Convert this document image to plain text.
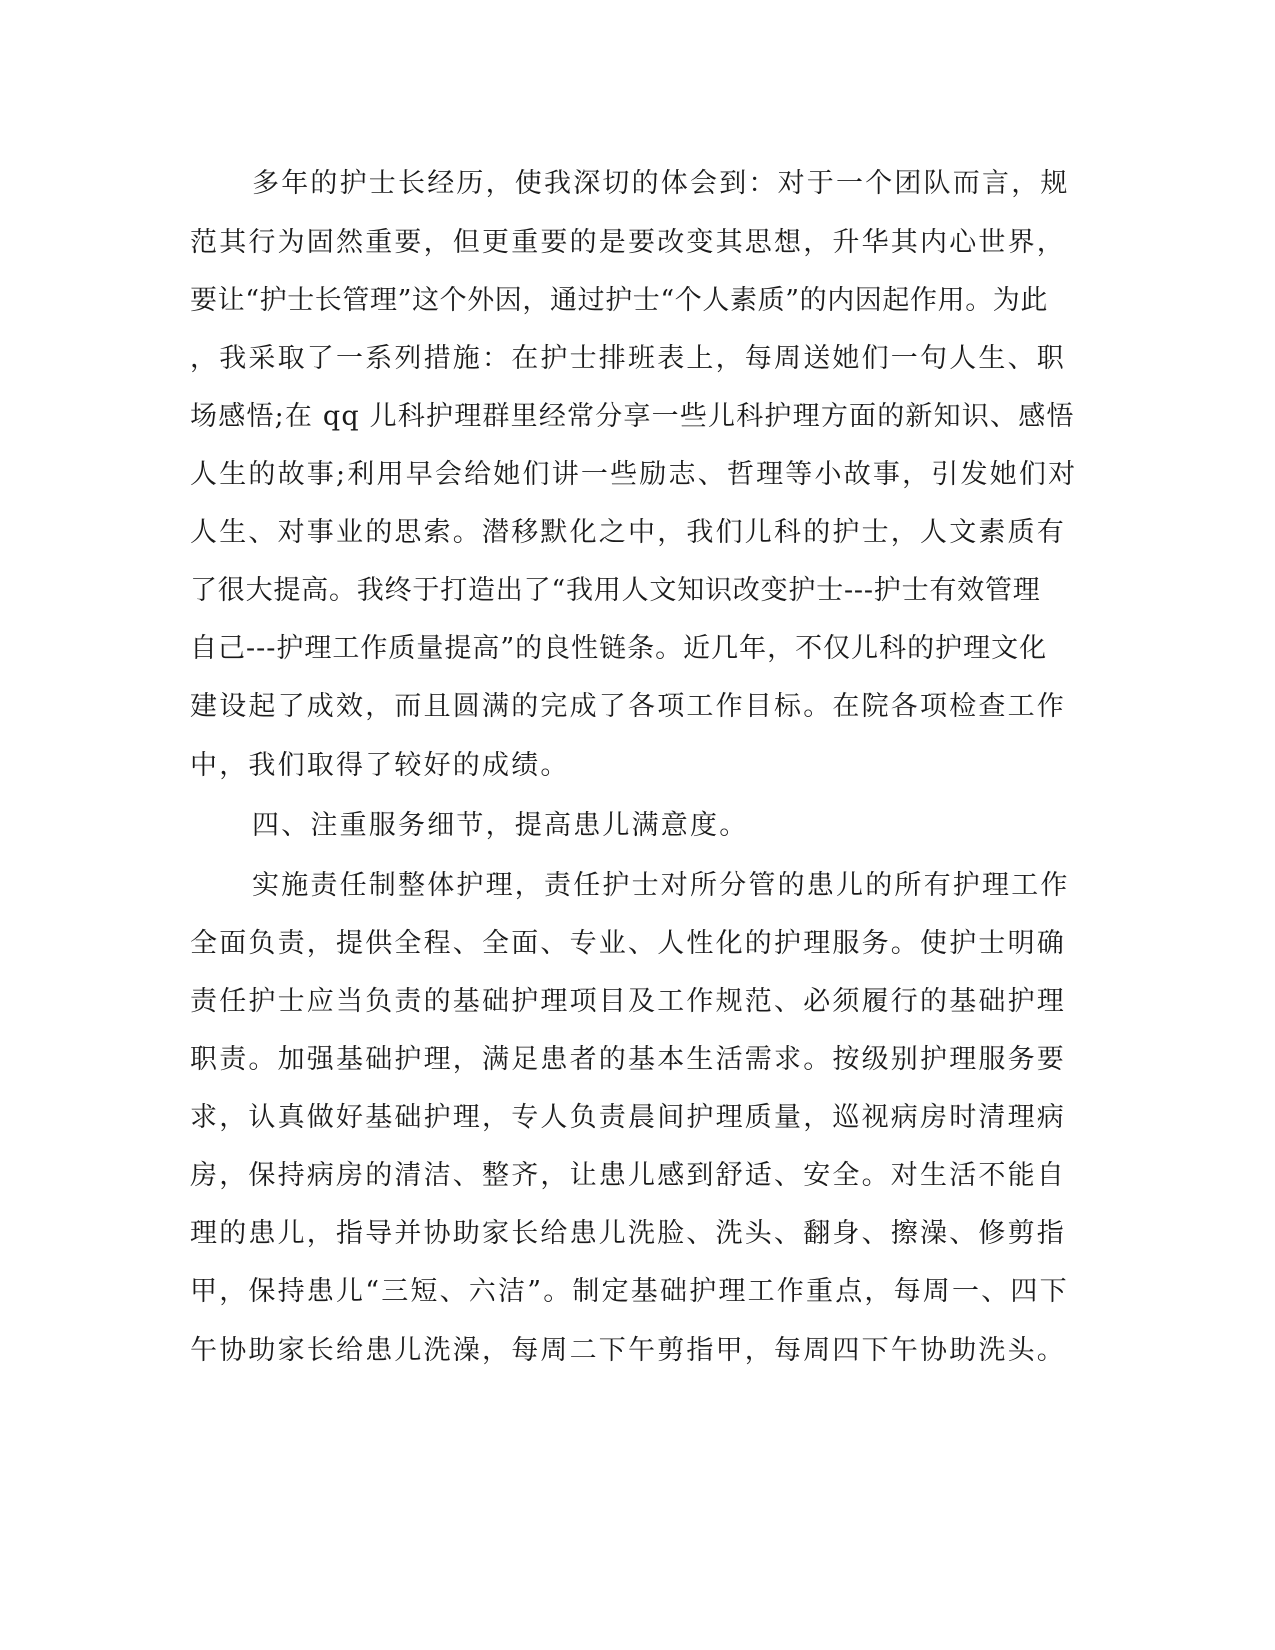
多年的护士长经历，使我深切的体会到：对于一个团队而言，规
范其行为固然重要，但更重要的是要改变其思想，升华其内心世界，
要让“护士长管理”这个外因，通过护士“个人素质”的内因起作用。为此
，我采取了一系列措施：在护士排班表上，每周送她们一句人生、职
场感悟;在 qq 儿科护理群里经常分享一些儿科护理方面的新知识、感悟
人生的故事;利用早会给她们讲一些励志、哲理等小故事，引发她们对
人生、对事业的思索。潜移默化之中，我们儿科的护士，人文素质有
了很大提高。我终于打造出了“我用人文知识改变护士---护士有效管理
自己---护理工作质量提高”的良性链条。近几年，不仅儿科的护理文化
建设起了成效，而且圆满的完成了各项工作目标。在院各项检查工作
中，我们取得了较好的成绩。
四、注重服务细节，提高患儿满意度。
实施责任制整体护理，责任护士对所分管的患儿的所有护理工作
全面负责，提供全程、全面、专业、人性化的护理服务。使护士明确
责任护士应当负责的基础护理项目及工作规范、必须履行的基础护理
职责。加强基础护理，满足患者的基本生活需求。按级别护理服务要
求，认真做好基础护理，专人负责晨间护理质量，巡视病房时清理病
房，保持病房的清洁、整齐，让患儿感到舒适、安全。对生活不能自
理的患儿，指导并协助家长给患儿洗脸、洗头、翻身、擦澡、修剪指
甲，保持患儿“三短、六洁”。制定基础护理工作重点，每周一、四下
午协助家长给患儿洗澡，每周二下午剪指甲，每周四下午协助洗头。
